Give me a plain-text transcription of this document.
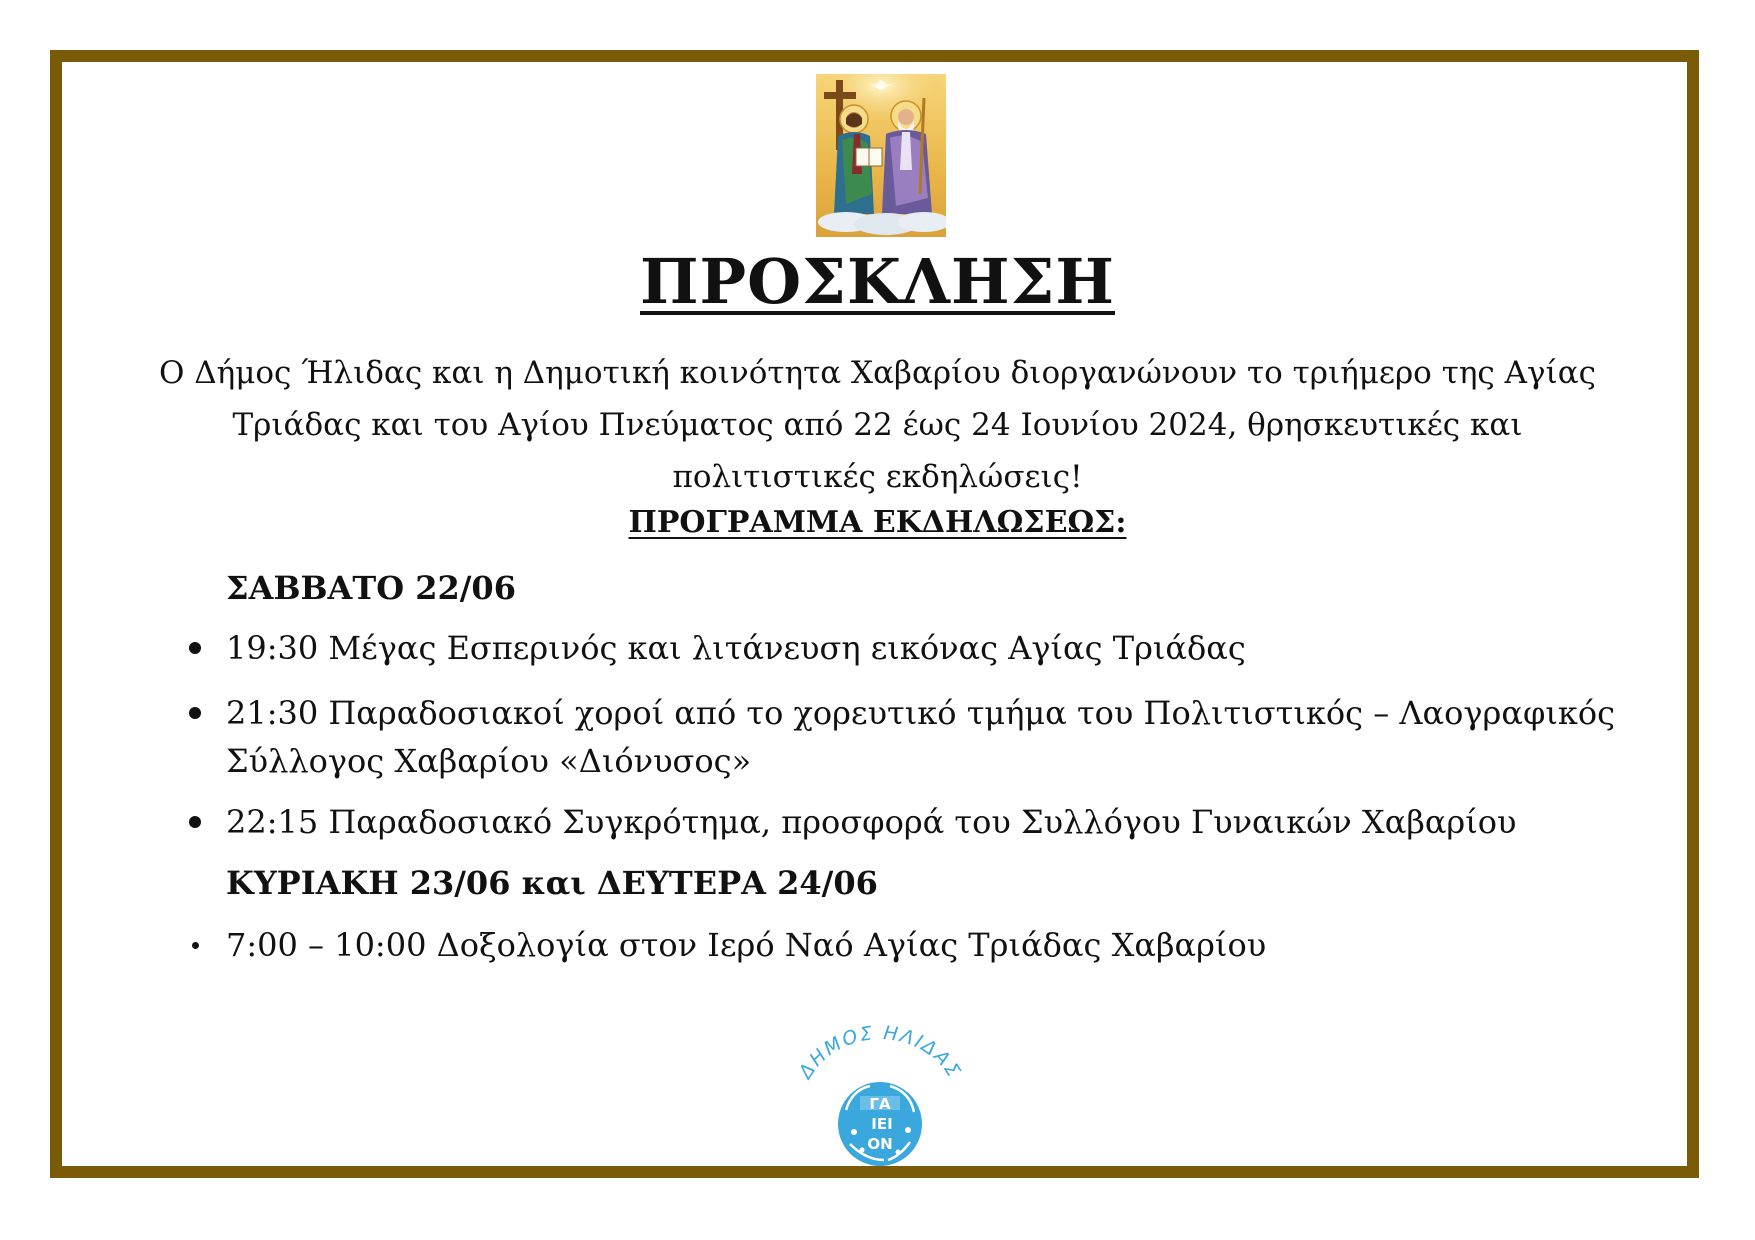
ΠΡΟΣΚΛΗΣΗ
Ο Δήμος Ήλιδας και η Δημοτική κοινότητα Χαβαρίου διοργανώνουν το τριήμερο της Αγίας
Τριάδας και του Αγίου Πνεύματος από 22 έως 24 Ιουνίου 2024, θρησκευτικές και
πολιτιστικές εκδηλώσεις!
ΠΡΟΓΡΑΜΜΑ ΕΚΔΗΛΩΣΕΩΣ:
ΣΑΒΒΑΤΟ 22/06
19:30 Μέγας Εσπερινός και λιτάνευση εικόνας Αγίας Τριάδας
21:30 Παραδοσιακοί χοροί από το χορευτικό τμήμα του Πολιτιστικός – Λαογραφικός
Σύλλογος Χαβαρίου «Διόνυσος»
22:15 Παραδοσιακό Συγκρότημα, προσφορά του Συλλόγου Γυναικών Χαβαρίου
ΚΥΡΙΑΚΗ 23/06 και ΔΕΥΤΕΡΑ 24/06
7:00 – 10:00 Δοξολογία στον Ιερό Ναό Αγίας Τριάδας Χαβαρίου
ΔΗΜΟΣ ΗΛΙΔΑΣ
ΓΑ
ΙΕΙ
ΟΝ
